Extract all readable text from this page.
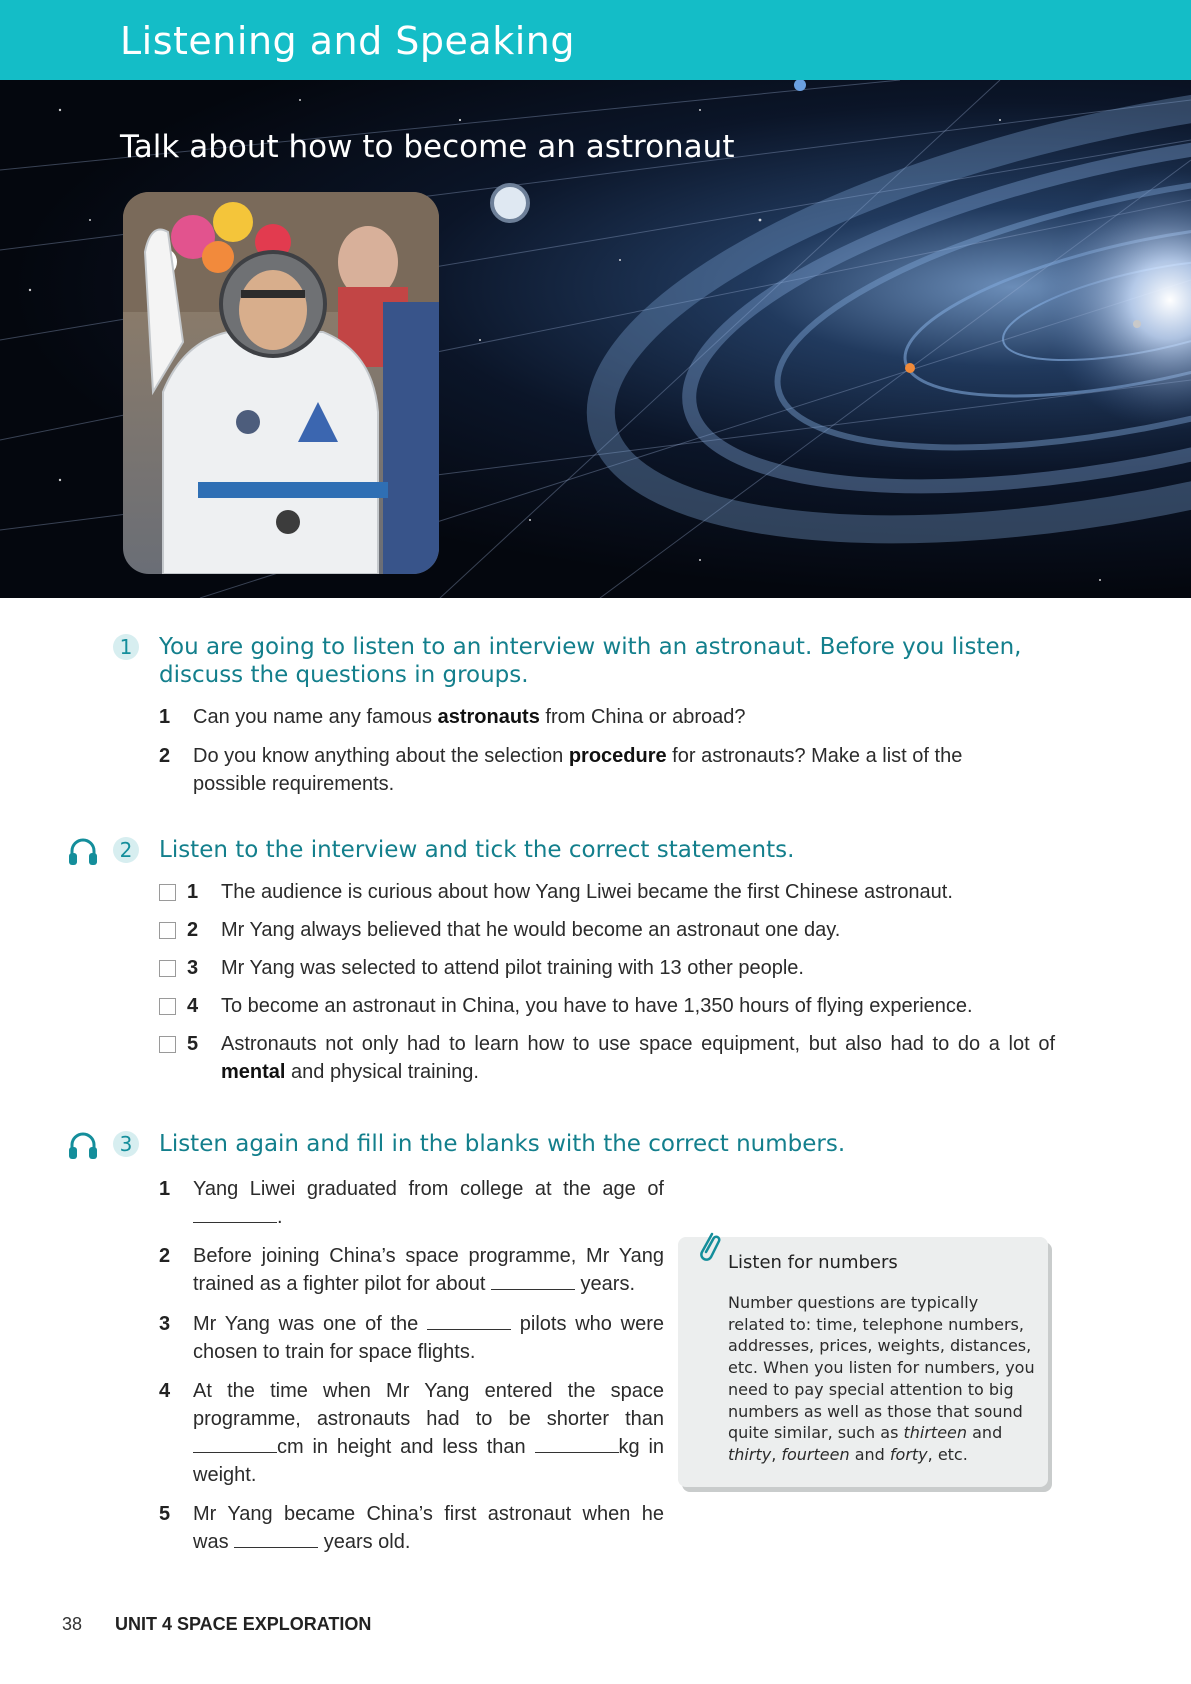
Listening and Speaking
Talk about how to become an astronaut
1 You are going to listen to an interview with an astronaut. Before you listen, discuss the questions in groups.
1 Can you name any famous astronauts from China or abroad?
2 Do you know anything about the selection procedure for astronauts? Make a list of the possible requirements.
2 Listen to the interview and tick the correct statements.
1 The audience is curious about how Yang Liwei became the first Chinese astronaut.
2 Mr Yang always believed that he would become an astronaut one day.
3 Mr Yang was selected to attend pilot training with 13 other people.
4 To become an astronaut in China, you have to have 1,350 hours of flying experience.
5 Astronauts not only had to learn how to use space equipment, but also had to do a lot of mental and physical training.
3 Listen again and fill in the blanks with the correct numbers.
1 Yang Liwei graduated from college at the age of .
2 Before joining China’s space programme, Mr Yang trained as a fighter pilot for about	years.
3 Mr Yang was one of the	pilots who were chosen to train for space flights.
4 At the time when Mr Yang entered the space programme, astronauts had to be shorter than cm in height and less than	kg in weight.
5 Mr Yang became China’s first astronaut when he was	years old.
Listen for numbers
Number questions are typically related to: time, telephone numbers, addresses, prices, weights, distances, etc. When you listen for numbers, you need to pay special attention to big numbers as well as those that sound quite similar, such as thirteen and thirty, fourteen and forty, etc.
38 UNIT 4 SPACE EXPLORATION
